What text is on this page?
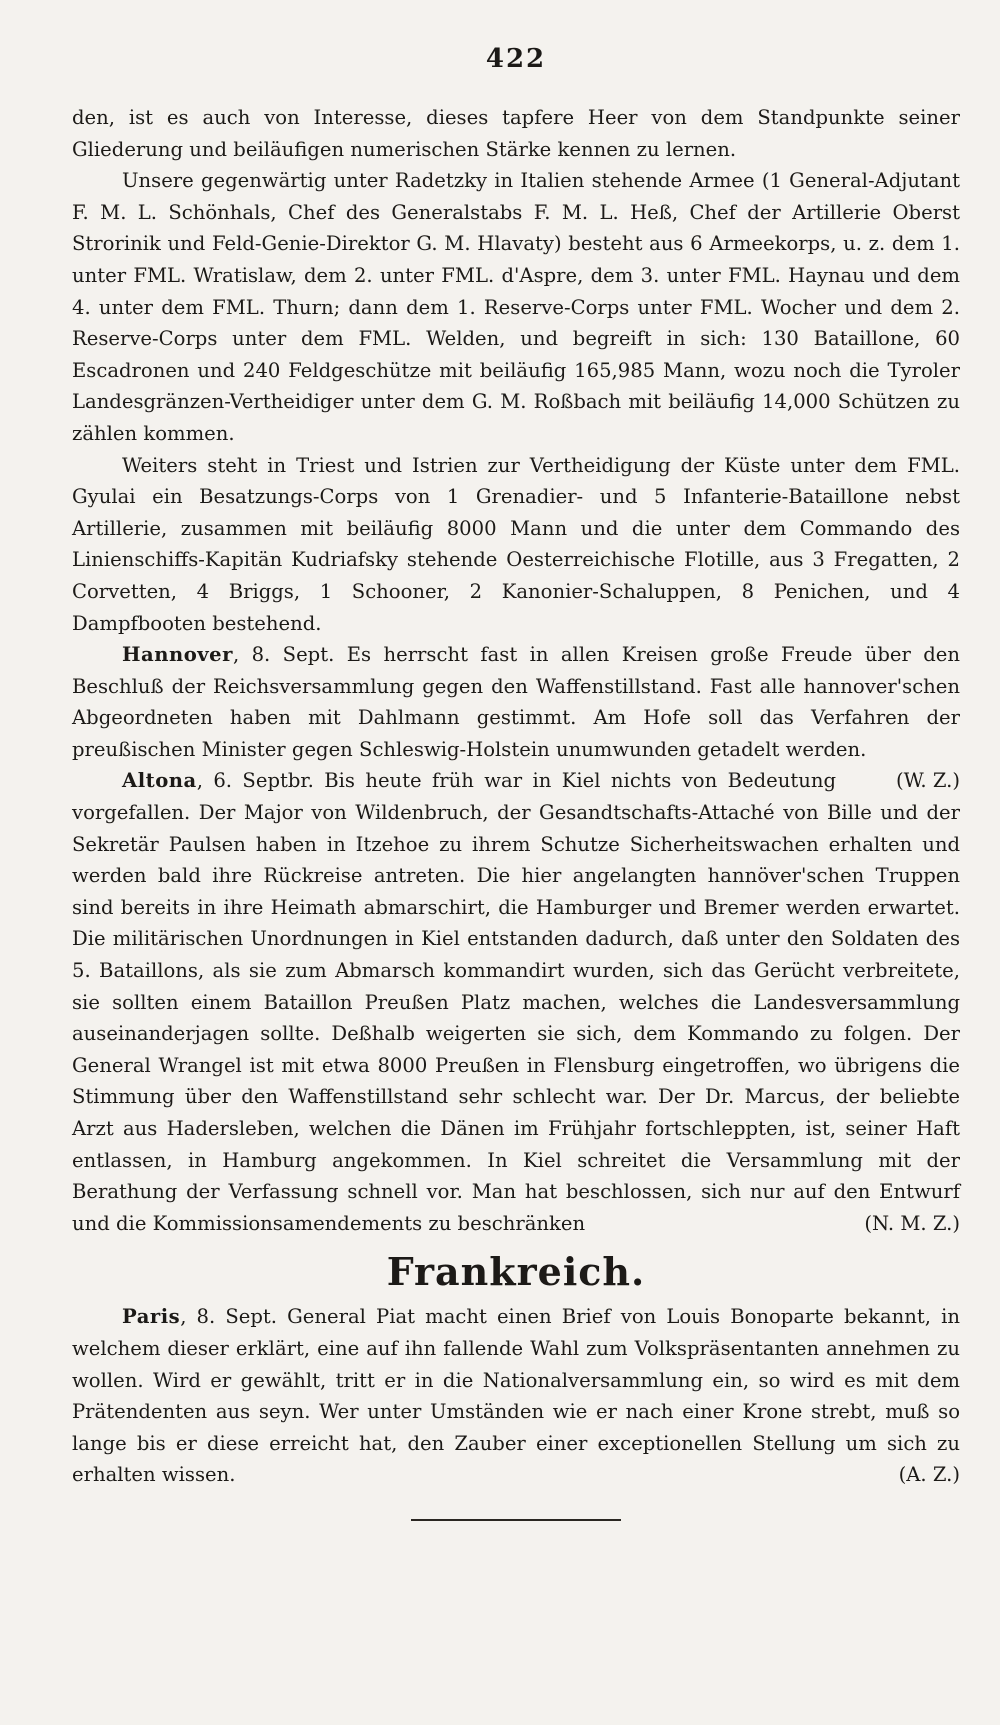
422

den, ist es auch von Interesse, dieses tapfere Heer von dem Standpunkte seiner Gliederung und beiläufigen numerischen Stärke kennen zu lernen.

Unsere gegenwärtig unter Radetzky in Italien stehende Armee (1 General-Adjutant F. M. L. Schönhals, Chef des Generalstabs F. M. L. Heß, Chef der Artillerie Oberst Strorinik und Feld-Genie-Direktor G. M. Hlavaty) besteht aus 6 Armeekorps, u. z. dem 1. unter FML. Wratislaw, dem 2. unter FML. d'Aspre, dem 3. unter FML. Haynau und dem 4. unter dem FML. Thurn; dann dem 1. Reserve-Corps unter FML. Wocher und dem 2. Reserve-Corps unter dem FML. Welden, und begreift in sich: 130 Bataillone, 60 Escadronen und 240 Feldgeschütze mit beiläufig 165,985 Mann, wozu noch die Tyroler Landesgränzen-Vertheidiger unter dem G. M. Roßbach mit beiläufig 14,000 Schützen zu zählen kommen.

Weiters steht in Triest und Istrien zur Vertheidigung der Küste unter dem FML. Gyulai ein Besatzungs-Corps von 1 Grenadier- und 5 Infanterie-Bataillone nebst Artillerie, zusammen mit beiläufig 8000 Mann und die unter dem Commando des Linienschiffs-Kapitän Kudriafsky stehende Oesterreichische Flotille, aus 3 Fregatten, 2 Corvetten, 4 Briggs, 1 Schooner, 2 Kanonier-Schaluppen, 8 Penichen, und 4 Dampfbooten bestehend.

Hannover, 8. Sept. Es herrscht fast in allen Kreisen große Freude über den Beschluß der Reichsversammlung gegen den Waffenstillstand. Fast alle hannover'schen Abgeordneten haben mit Dahlmann gestimmt. Am Hofe soll das Verfahren der preußischen Minister gegen Schleswig-Holstein unumwunden getadelt werden.
(W. Z.)

Altona, 6. Septbr. Bis heute früh war in Kiel nichts von Bedeutung vorgefallen. Der Major von Wildenbruch, der Gesandtschafts-Attaché von Bille und der Sekretär Paulsen haben in Itzehoe zu ihrem Schutze Sicherheitswachen erhalten und werden bald ihre Rückreise antreten. Die hier angelangten hannöver'schen Truppen sind bereits in ihre Heimath abmarschirt, die Hamburger und Bremer werden erwartet. Die militärischen Unordnungen in Kiel entstanden dadurch, daß unter den Soldaten des 5. Bataillons, als sie zum Abmarsch kommandirt wurden, sich das Gerücht verbreitete, sie sollten einem Bataillon Preußen Platz machen, welches die Landesversammlung auseinanderjagen sollte. Deßhalb weigerten sie sich, dem Kommando zu folgen. Der General Wrangel ist mit etwa 8000 Preußen in Flensburg eingetroffen, wo übrigens die Stimmung über den Waffenstillstand sehr schlecht war. Der Dr. Marcus, der beliebte Arzt aus Hadersleben, welchen die Dänen im Frühjahr fortschleppten, ist, seiner Haft entlassen, in Hamburg angekommen. In Kiel schreitet die Versammlung mit der Berathung der Verfassung schnell vor. Man hat beschlossen, sich nur auf den Entwurf und die Kommissionsamendements zu beschränken	(N. M. Z.)

Frankreich.

Paris, 8. Sept. General Piat macht einen Brief von Louis Bonoparte bekannt, in welchem dieser erklärt, eine auf ihn fallende Wahl zum Volkspräsentanten annehmen zu wollen. Wird er gewählt, tritt er in die Nationalversammlung ein, so wird es mit dem Prätendenten aus seyn. Wer unter Umständen wie er nach einer Krone strebt, muß so lange bis er diese erreicht hat, den Zauber einer exceptionellen Stellung um sich zu erhalten wissen.	(A. Z.)
